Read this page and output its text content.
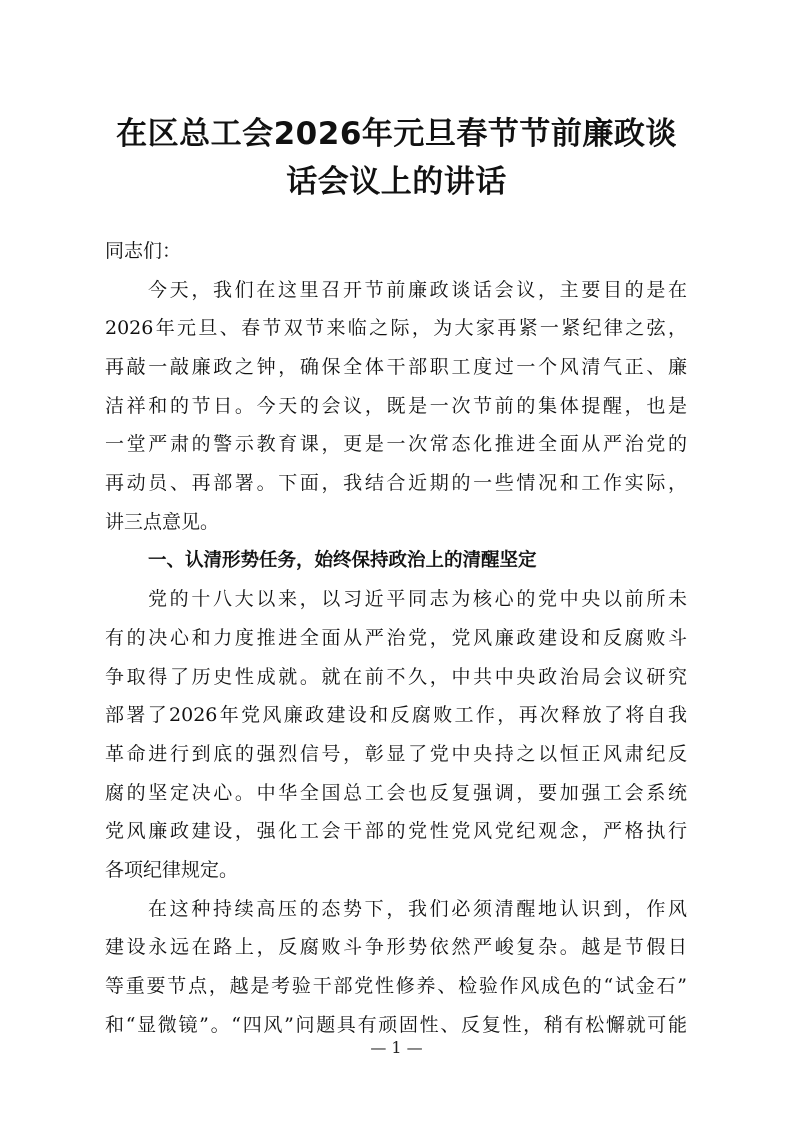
在区总工会2026年元旦春节节前廉政谈
话会议上的讲话
同志们：
今天，我们在这里召开节前廉政谈话会议，主要目的是在
2026年元旦、春节双节来临之际，为大家再紧一紧纪律之弦，
再敲一敲廉政之钟，确保全体干部职工度过一个风清气正、廉
洁祥和的节日。今天的会议，既是一次节前的集体提醒，也是
一堂严肃的警示教育课，更是一次常态化推进全面从严治党的
再动员、再部署。下面，我结合近期的一些情况和工作实际，
讲三点意见。
一、认清形势任务，始终保持政治上的清醒坚定
党的十八大以来，以习近平同志为核心的党中央以前所未
有的决心和力度推进全面从严治党，党风廉政建设和反腐败斗
争取得了历史性成就。就在前不久，中共中央政治局会议研究
部署了2026年党风廉政建设和反腐败工作，再次释放了将自我
革命进行到底的强烈信号，彰显了党中央持之以恒正风肃纪反
腐的坚定决心。中华全国总工会也反复强调，要加强工会系统
党风廉政建设，强化工会干部的党性党风党纪观念，严格执行
各项纪律规定。
在这种持续高压的态势下，我们必须清醒地认识到，作风
建设永远在路上，反腐败斗争形势依然严峻复杂。越是节假日
等重要节点，越是考验干部党性修养、检验作风成色的“试金石”
和“显微镜”。“四风”问题具有顽固性、反复性，稍有松懈就可能
— 1 —
